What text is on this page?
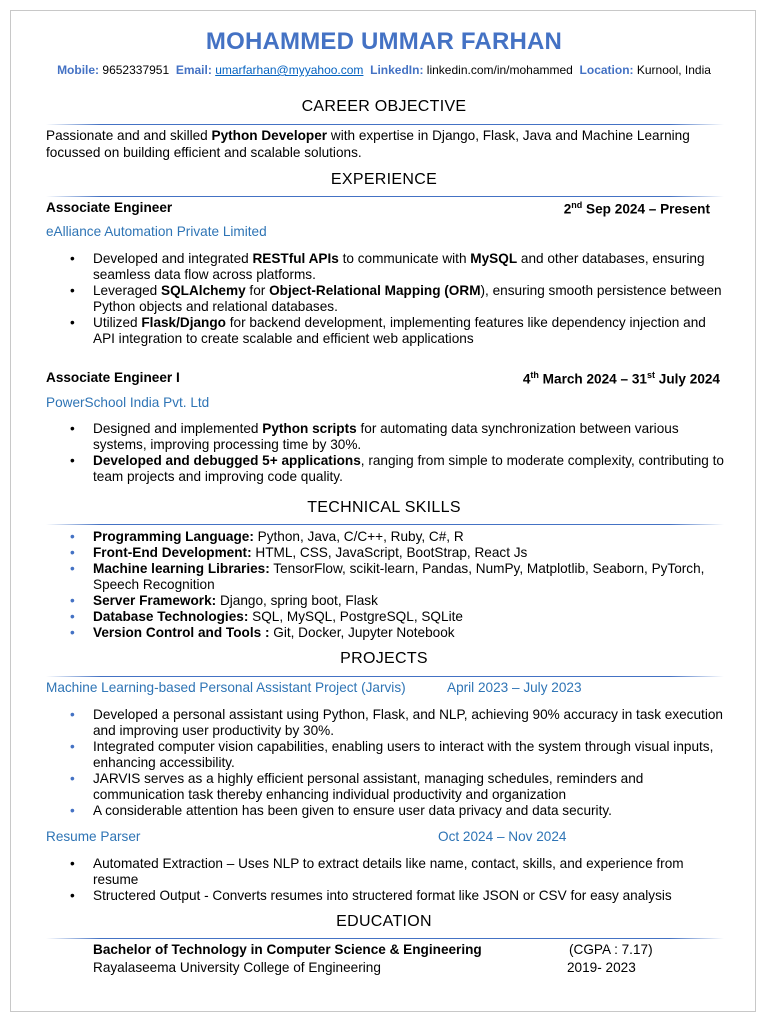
MOHAMMED UMMAR FARHAN
Mobile: 9652337951 Email: umarfarhan@myyahoo.com LinkedIn: linkedin.com/in/mohammed Location: Kurnool, India
CAREER OBJECTIVE
Passionate and and skilled Python Developer with expertise in Django, Flask, Java and Machine Learning focussed on building efficient and scalable solutions.
EXPERIENCE
Associate Engineer	2nd Sep 2024 – Present
eAlliance Automation Private Limited
•	Developed and integrated RESTful APIs to communicate with MySQL and other databases, ensuring seamless data flow across platforms.
•	Leveraged SQLAlchemy for Object-Relational Mapping (ORM), ensuring smooth persistence between Python objects and relational databases.
•	Utilized Flask/Django for backend development, implementing features like dependency injection and API integration to create scalable and efficient web applications
Associate Engineer I	4th March 2024 – 31st July 2024
PowerSchool India Pvt. Ltd
•	Designed and implemented Python scripts for automating data synchronization between various systems, improving processing time by 30%.
•	Developed and debugged 5+ applications, ranging from simple to moderate complexity, contributing to team projects and improving code quality.
TECHNICAL SKILLS
•	Programming Language: Python, Java, C/C++, Ruby, C#, R
•	Front-End Development: HTML, CSS, JavaScript, BootStrap, React Js
•	Machine learning Libraries: TensorFlow, scikit-learn, Pandas, NumPy, Matplotlib, Seaborn, PyTorch, Speech Recognition
•	Server Framework: Django, spring boot, Flask
•	Database Technologies: SQL, MySQL, PostgreSQL, SQLite
•	Version Control and Tools : Git, Docker, Jupyter Notebook
PROJECTS
Machine Learning-based Personal Assistant Project (Jarvis)	April 2023 – July 2023
•	Developed a personal assistant using Python, Flask, and NLP, achieving 90% accuracy in task execution and improving user productivity by 30%.
•	Integrated computer vision capabilities, enabling users to interact with the system through visual inputs, enhancing accessibility.
•	JARVIS serves as a highly efficient personal assistant, managing schedules, reminders and communication task thereby enhancing individual productivity and organization
•	A considerable attention has been given to ensure user data privacy and data security.
Resume Parser	Oct 2024 – Nov 2024
•	Automated Extraction – Uses NLP to extract details like name, contact, skills, and experience from resume
•	Structered Output - Converts resumes into structered format like JSON or CSV for easy analysis
EDUCATION
Bachelor of Technology in Computer Science & Engineering	(CGPA : 7.17)
Rayalaseema University College of Engineering	2019- 2023
